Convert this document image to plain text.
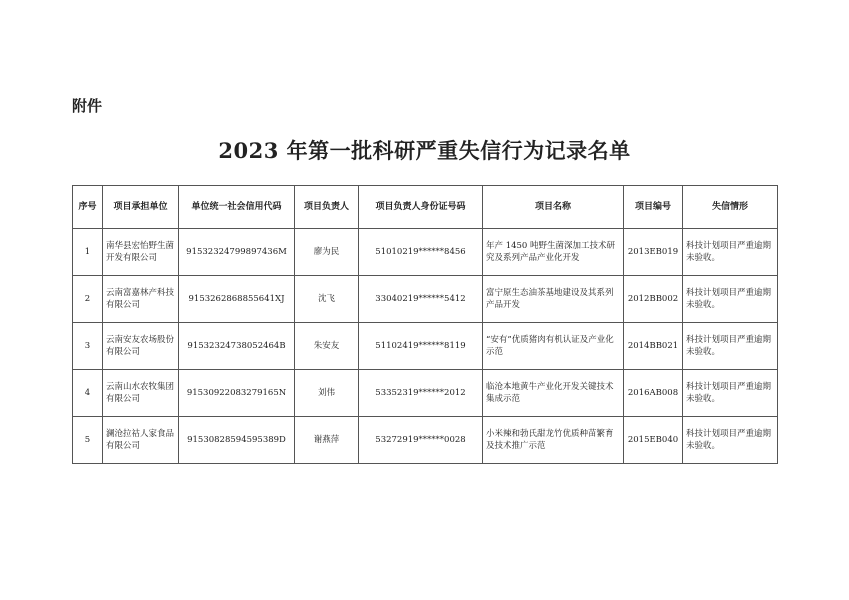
附件
2023 年第一批科研严重失信行为记录名单
序号	项目承担单位	单位统一社会信用代码	项目负责人	项目负责人身份证号码	项目名称	项目编号	失信情形
1	南华县宏怡野生菌开发有限公司	91532324799897436M	廖为民	51010219******8456	年产 1450 吨野生菌深加工技术研究及系列产品产业化开发	2013EB019	科技计划项目严重逾期未验收。
2	云南富嘉林产科技有限公司	9153262868855641XJ	沈飞	33040219******5412	富宁原生态油茶基地建设及其系列产品开发	2012BB002	科技计划项目严重逾期未验收。
3	云南安友农场股份有限公司	91532324738052464B	朱安友	51102419******8119	“安有”优质猪肉有机认证及产业化示范	2014BB021	科技计划项目严重逾期未验收。
4	云南山水农牧集团有限公司	91530922083279165N	刘伟	53352319******2012	临沧本地黄牛产业化开发关键技术集成示范	2016AB008	科技计划项目严重逾期未验收。
5	澜沧拉祜人家食品有限公司	91530828594595389D	谢燕萍	53272919******0028	小米辣和勃氏甜龙竹优质种苗繁育及技术推广示范	2015EB040	科技计划项目严重逾期未验收。
